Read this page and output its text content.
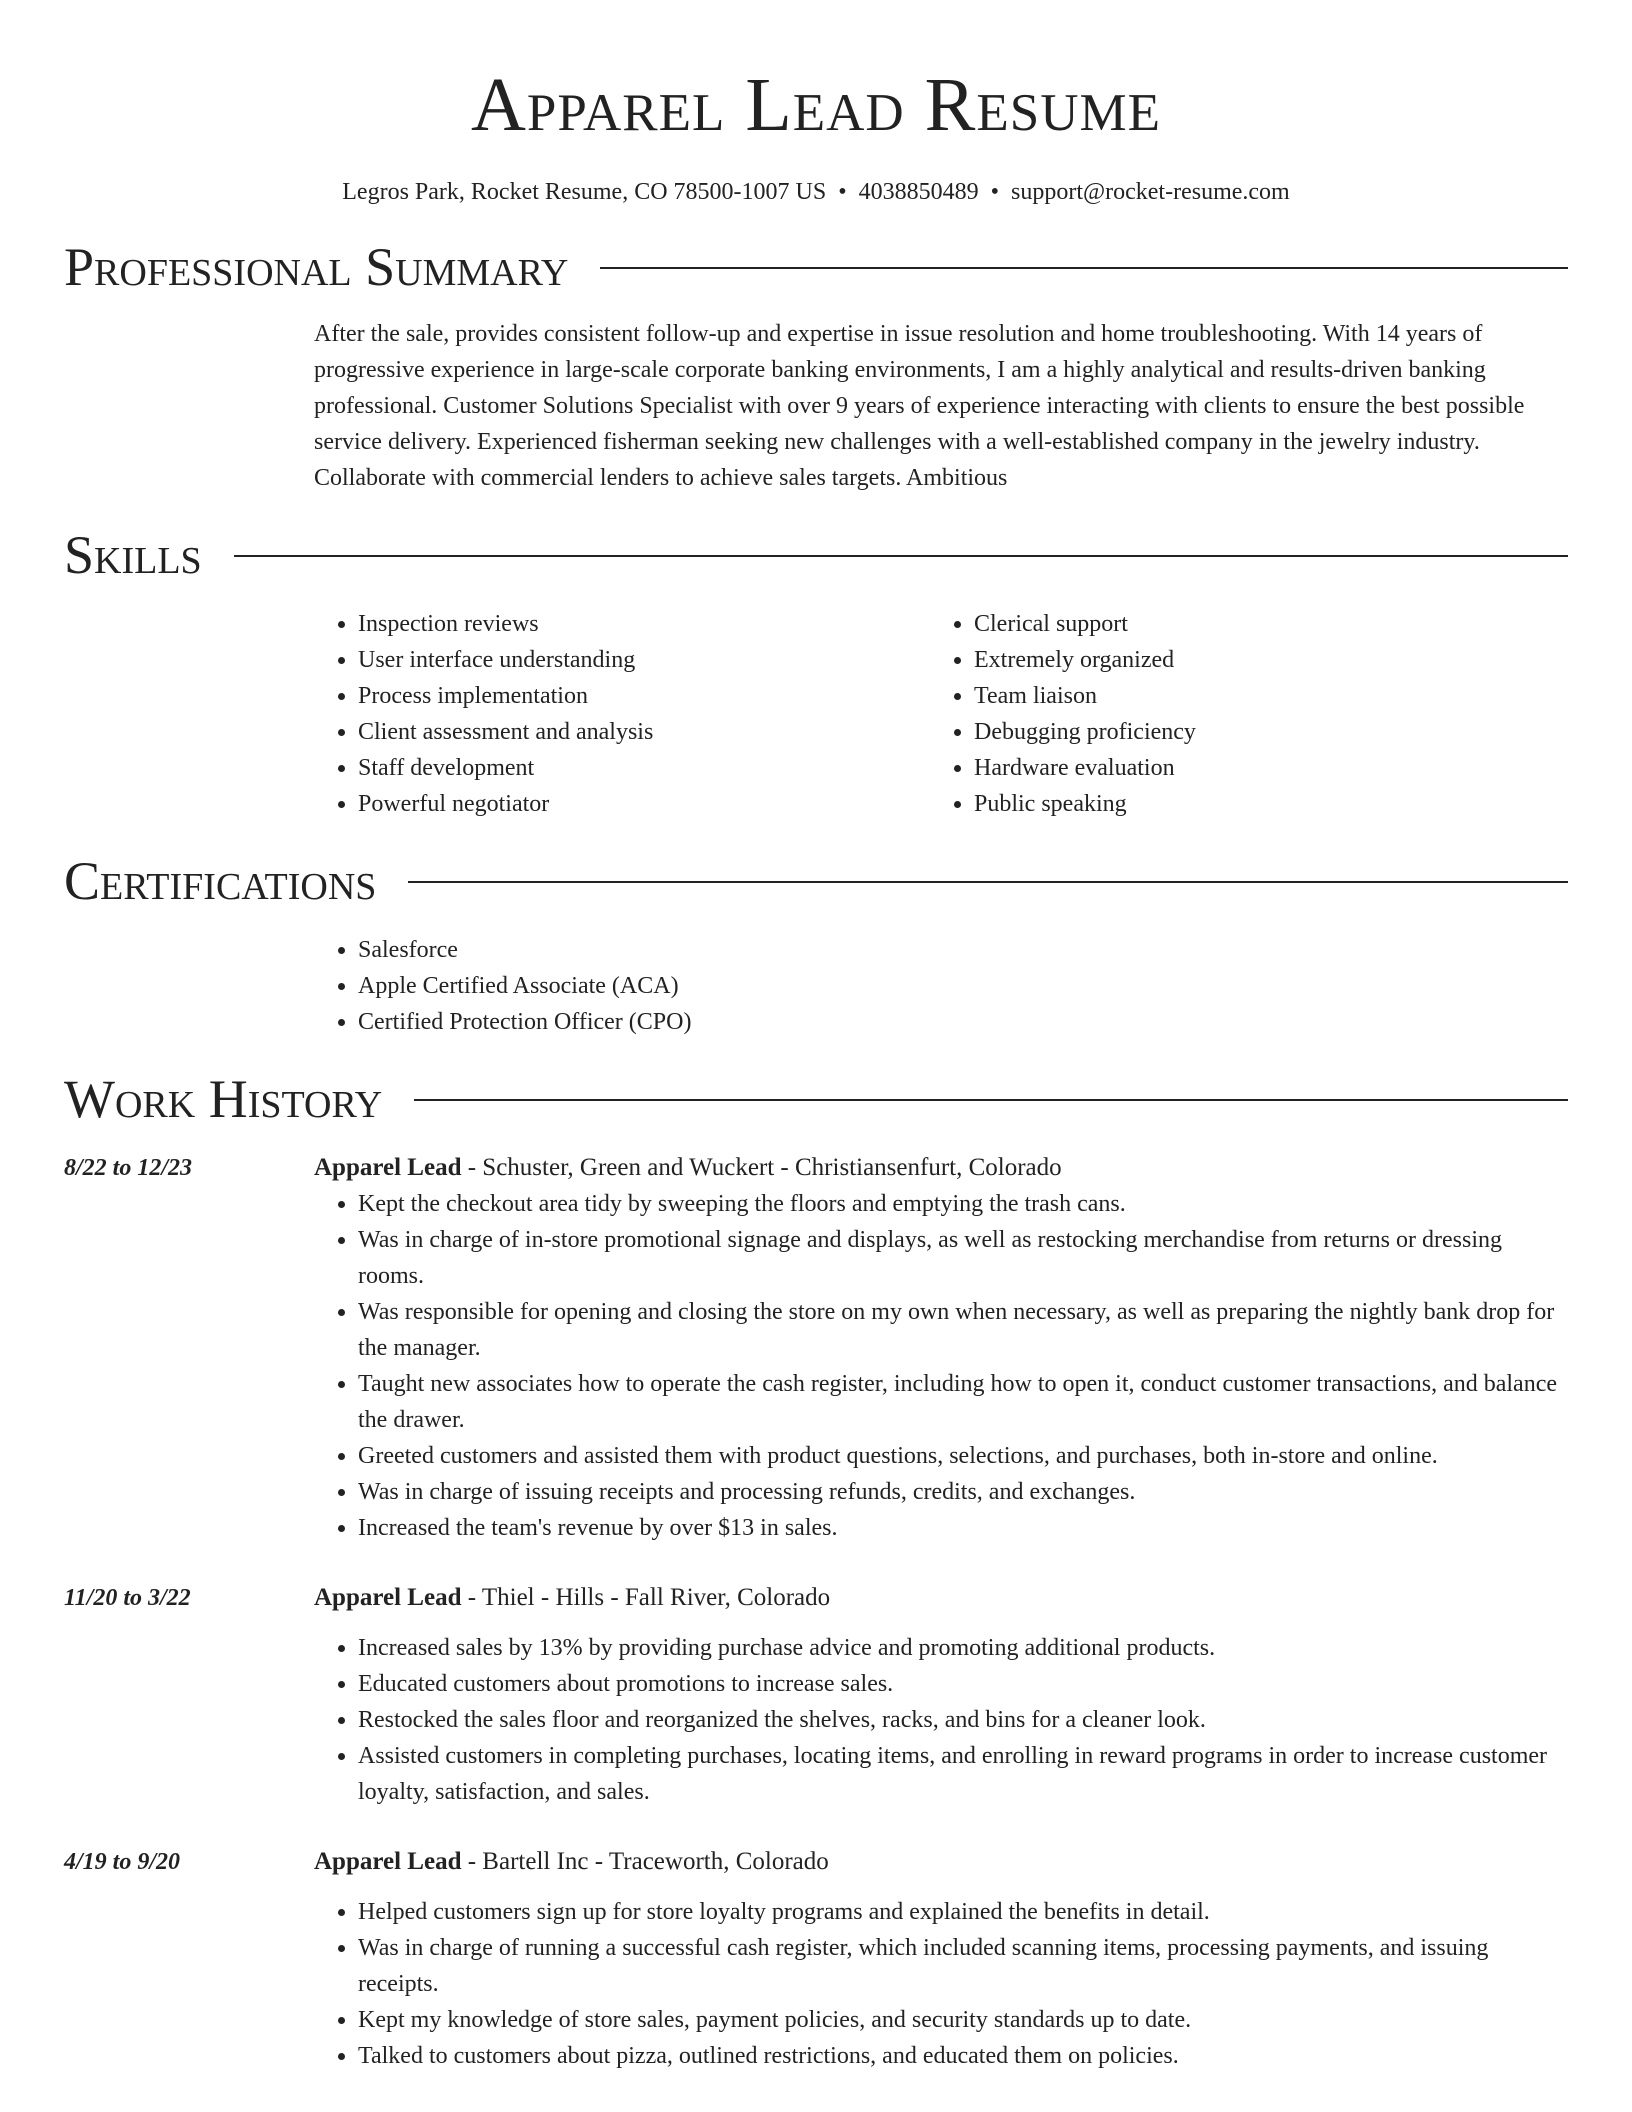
Apparel Lead Resume
Legros Park, Rocket Resume, CO 78500-1007 US • 4038850489 • support@rocket-resume.com
Professional Summary

After the sale, provides consistent follow-up and expertise in issue resolution and home troubleshooting. With 14 years of progressive experience in large-scale corporate banking environments, I am a highly analytical and results-driven banking professional. Customer Solutions Specialist with over 9 years of experience interacting with clients to ensure the best possible service delivery. Experienced fisherman seeking new challenges with a well-established company in the jewelry industry. Collaborate with commercial lenders to achieve sales targets. Ambitious

Skills
• Inspection reviews
• User interface understanding
• Process implementation
• Client assessment and analysis
• Staff development
• Powerful negotiator
• Clerical support
• Extremely organized
• Team liaison
• Debugging proficiency
• Hardware evaluation
• Public speaking
Certifications
• Salesforce
• Apple Certified Associate (ACA)
• Certified Protection Officer (CPO)
Work History
8/22 to 12/23	Apparel Lead - Schuster, Green and Wuckert - Christiansenfurt, Colorado
• Kept the checkout area tidy by sweeping the floors and emptying the trash cans.
• Was in charge of in-store promotional signage and displays, as well as restocking merchandise from returns or dressing rooms.
• Was responsible for opening and closing the store on my own when necessary, as well as preparing the nightly bank drop for the manager.
• Taught new associates how to operate the cash register, including how to open it, conduct customer transactions, and balance the drawer.
• Greeted customers and assisted them with product questions, selections, and purchases, both in-store and online.
• Was in charge of issuing receipts and processing refunds, credits, and exchanges.
• Increased the team's revenue by over $13 in sales.
11/20 to 3/22	Apparel Lead - Thiel - Hills - Fall River, Colorado
• Increased sales by 13% by providing purchase advice and promoting additional products.
• Educated customers about promotions to increase sales.
• Restocked the sales floor and reorganized the shelves, racks, and bins for a cleaner look.
• Assisted customers in completing purchases, locating items, and enrolling in reward programs in order to increase customer loyalty, satisfaction, and sales.
4/19 to 9/20	Apparel Lead - Bartell Inc - Traceworth, Colorado
• Helped customers sign up for store loyalty programs and explained the benefits in detail.
• Was in charge of running a successful cash register, which included scanning items, processing payments, and issuing receipts.
• Kept my knowledge of store sales, payment policies, and security standards up to date.
• Talked to customers about pizza, outlined restrictions, and educated them on policies.
